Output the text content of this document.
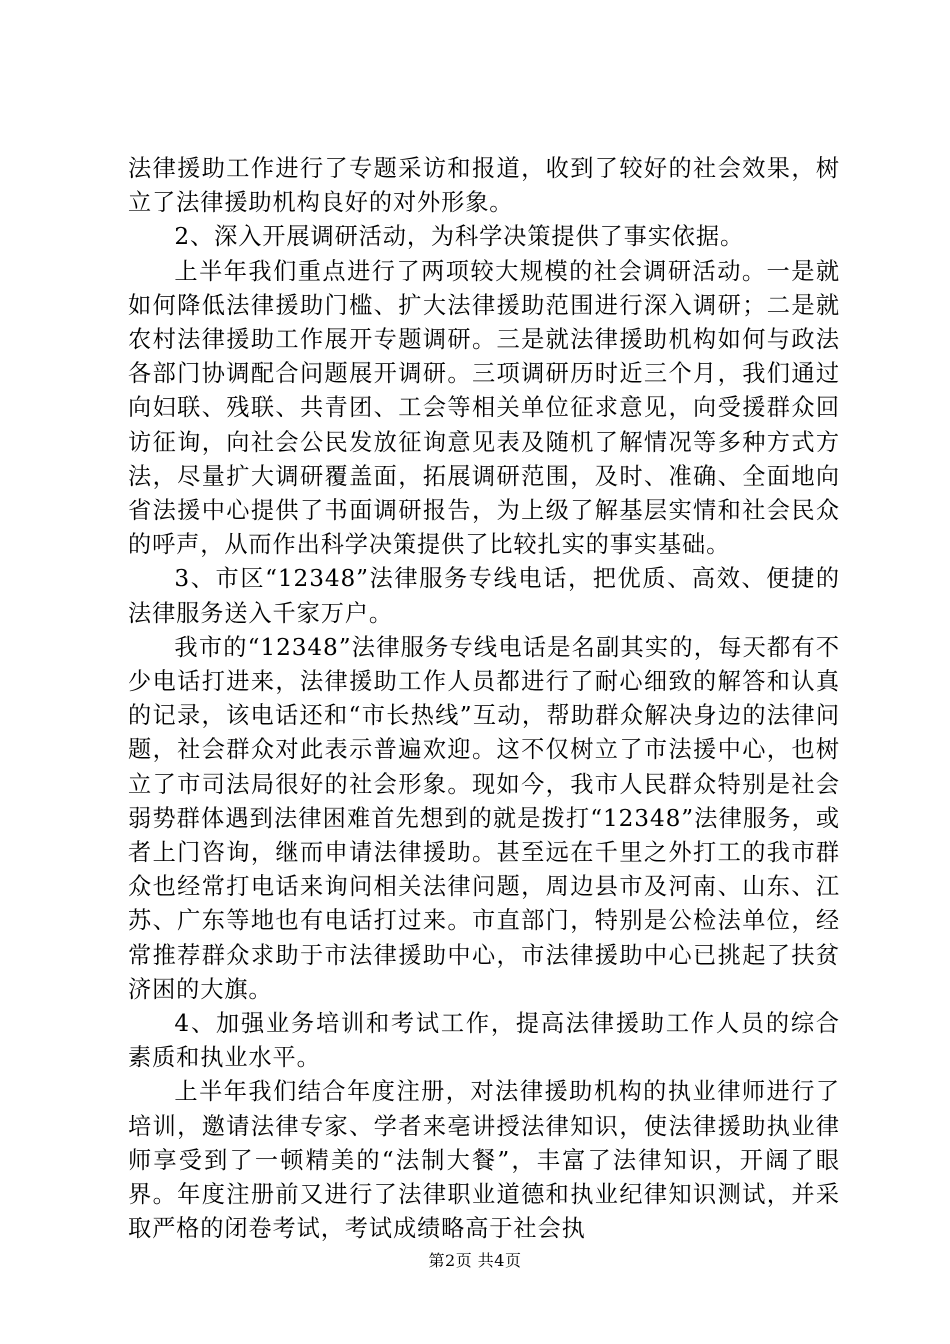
法律援助工作进行了专题采访和报道，收到了较好的社会效果，树立了法律援助机构良好的对外形象。

2、深入开展调研活动，为科学决策提供了事实依据。

上半年我们重点进行了两项较大规模的社会调研活动。一是就如何降低法律援助门槛、扩大法律援助范围进行深入调研；二是就农村法律援助工作展开专题调研。三是就法律援助机构如何与政法各部门协调配合问题展开调研。三项调研历时近三个月，我们通过向妇联、残联、共青团、工会等相关单位征求意见，向受援群众回访征询，向社会公民发放征询意见表及随机了解情况等多种方式方法，尽量扩大调研覆盖面，拓展调研范围，及时、准确、全面地向省法援中心提供了书面调研报告，为上级了解基层实情和社会民众的呼声，从而作出科学决策提供了比较扎实的事实基础。

3、市区“12348”法律服务专线电话，把优质、高效、便捷的法律服务送入千家万户。

我市的“12348”法律服务专线电话是名副其实的，每天都有不少电话打进来，法律援助工作人员都进行了耐心细致的解答和认真的记录，该电话还和“市长热线”互动，帮助群众解决身边的法律问题，社会群众对此表示普遍欢迎。这不仅树立了市法援中心，也树立了市司法局很好的社会形象。现如今，我市人民群众特别是社会弱势群体遇到法律困难首先想到的就是拨打“12348”法律服务，或者上门咨询，继而申请法律援助。甚至远在千里之外打工的我市群众也经常打电话来询问相关法律问题，周边县市及河南、山东、江苏、广东等地也有电话打过来。市直部门，特别是公检法单位，经常推荐群众求助于市法律援助中心，市法律援助中心已挑起了扶贫济困的大旗。

4、加强业务培训和考试工作，提高法律援助工作人员的综合素质和执业水平。

上半年我们结合年度注册，对法律援助机构的执业律师进行了培训，邀请法律专家、学者来亳讲授法律知识，使法律援助执业律师享受到了一顿精美的“法制大餐”，丰富了法律知识，开阔了眼界。年度注册前又进行了法律职业道德和执业纪律知识测试，并采取严格的闭卷考试，考试成绩略高于社会执

第2页 共4页
